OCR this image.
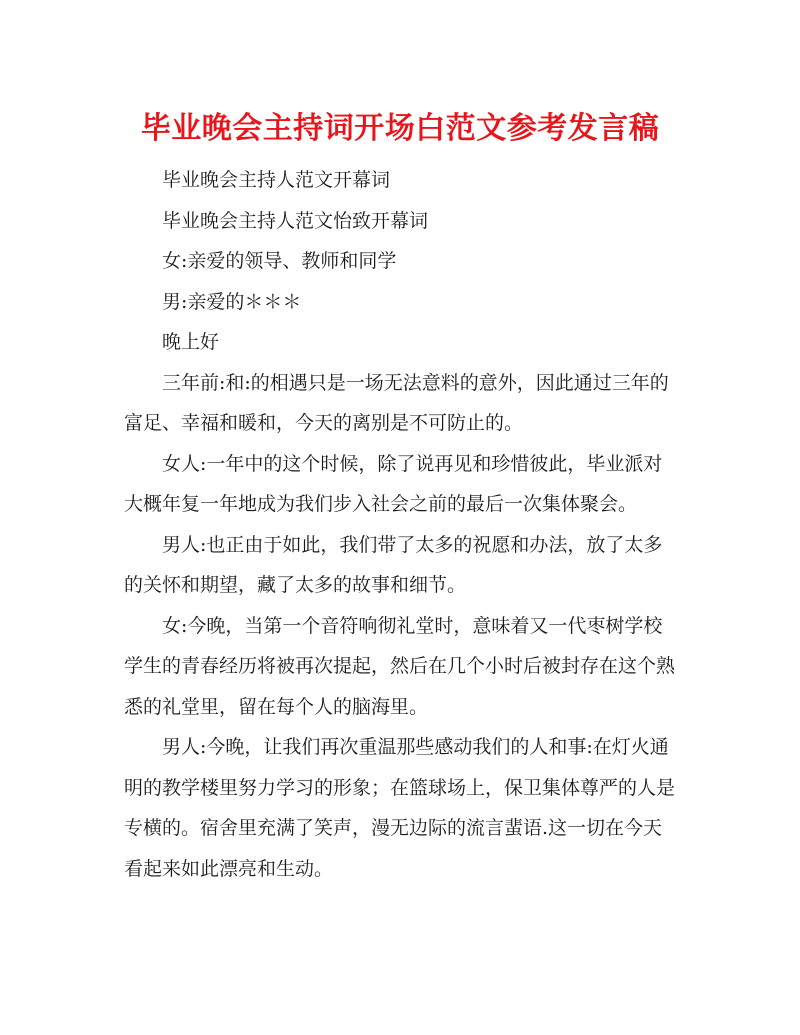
毕业晚会主持词开场白范文参考发言稿

毕业晚会主持人范文开幕词

毕业晚会主持人范文怡致开幕词

女:亲爱的领导、教师和同学

男:亲爱的＊＊＊

晚上好

三年前:和:的相遇只是一场无法意料的意外，因此通过三年的富足、幸福和暖和，今天的离别是不可防止的。

女人:一年中的这个时候，除了说再见和珍惜彼此，毕业派对大概年复一年地成为我们步入社会之前的最后一次集体聚会。

男人:也正由于如此，我们带了太多的祝愿和办法，放了太多的关怀和期望，藏了太多的故事和细节。

女:今晚，当第一个音符响彻礼堂时，意味着又一代枣树学校学生的青春经历将被再次提起，然后在几个小时后被封存在这个熟悉的礼堂里，留在每个人的脑海里。

男人:今晚，让我们再次重温那些感动我们的人和事:在灯火通明的教学楼里努力学习的形象；在篮球场上，保卫集体尊严的人是专横的。宿舍里充满了笑声，漫无边际的流言蜚语.这一切在今天看起来如此漂亮和生动。
